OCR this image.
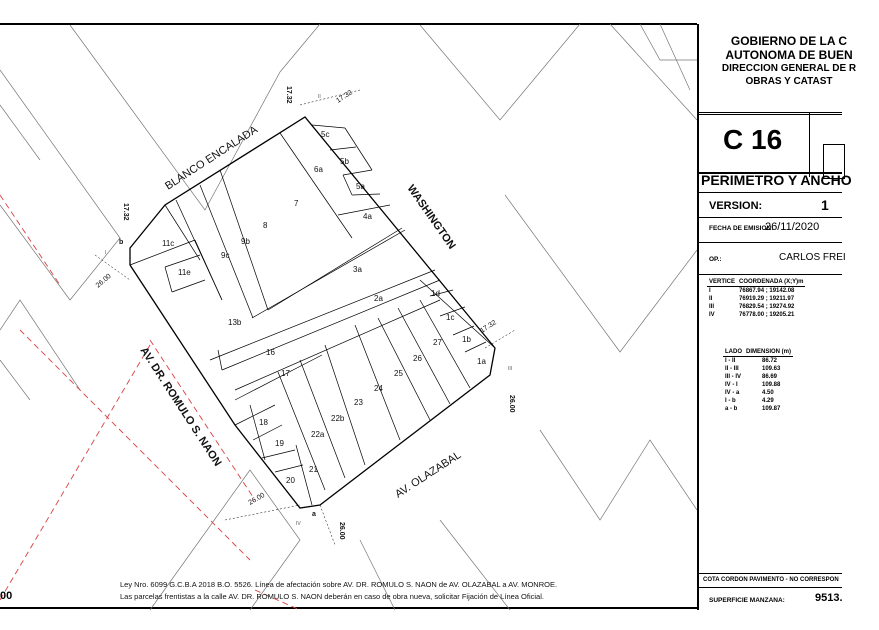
5c
5b
5a
4a
6a
7
8
9b
9c
11c
11e	3a
2a
1d
1c
1b
1a
13b
16
17
27
26
25
24
23
22b
22a
18
19
20
21
BLANCO ENCALADA
WASHINGTON
AV. DR. ROMULO S. NAON
AV. OLAZABAL
17.32	17.32
17.32
17.32
26.00
26.00
26.00
26.00
II
III
IV
I
a
b
Ley Nro. 6099 G.C.B.A 2018 B.O. 5526. Línea de afectación sobre AV. DR. ROMULO S. NAON de AV. OLAZABAL a AV. MONROE.
Las parcelas frentistas a la calle AV. DR. ROMULO S. NAON deberán en caso de obra nueva, solicitar Fijación de Línea Oficial.
00
GOBIERNO DE LA C
AUTONOMA DE BUEN
DIRECCION GENERAL DE R
OBRAS Y CATAST
C 16
PERIMETRO Y ANCHO
VERSION:	1
FECHA DE EMISION:
26/11/2020
OP.:	CARLOS FREI
VERTICE	COORDENADA (X;Y)m
I	76867.94 ; 19142.08
II	76919.29 ; 19211.97
III	76829.54 ; 19274.92
IV	76778.00 ; 19205.21
LADO	DIMENSION (m)
I - II	86.72
II - III	109.63
III - IV	86.69
IV - I	109.88
IV - a	4.50
I - b	4.29
a - b	109.87
COTA CORDON PAVIMENTO - NO CORRESPON
SUPERFICIE MANZANA:	9513.
